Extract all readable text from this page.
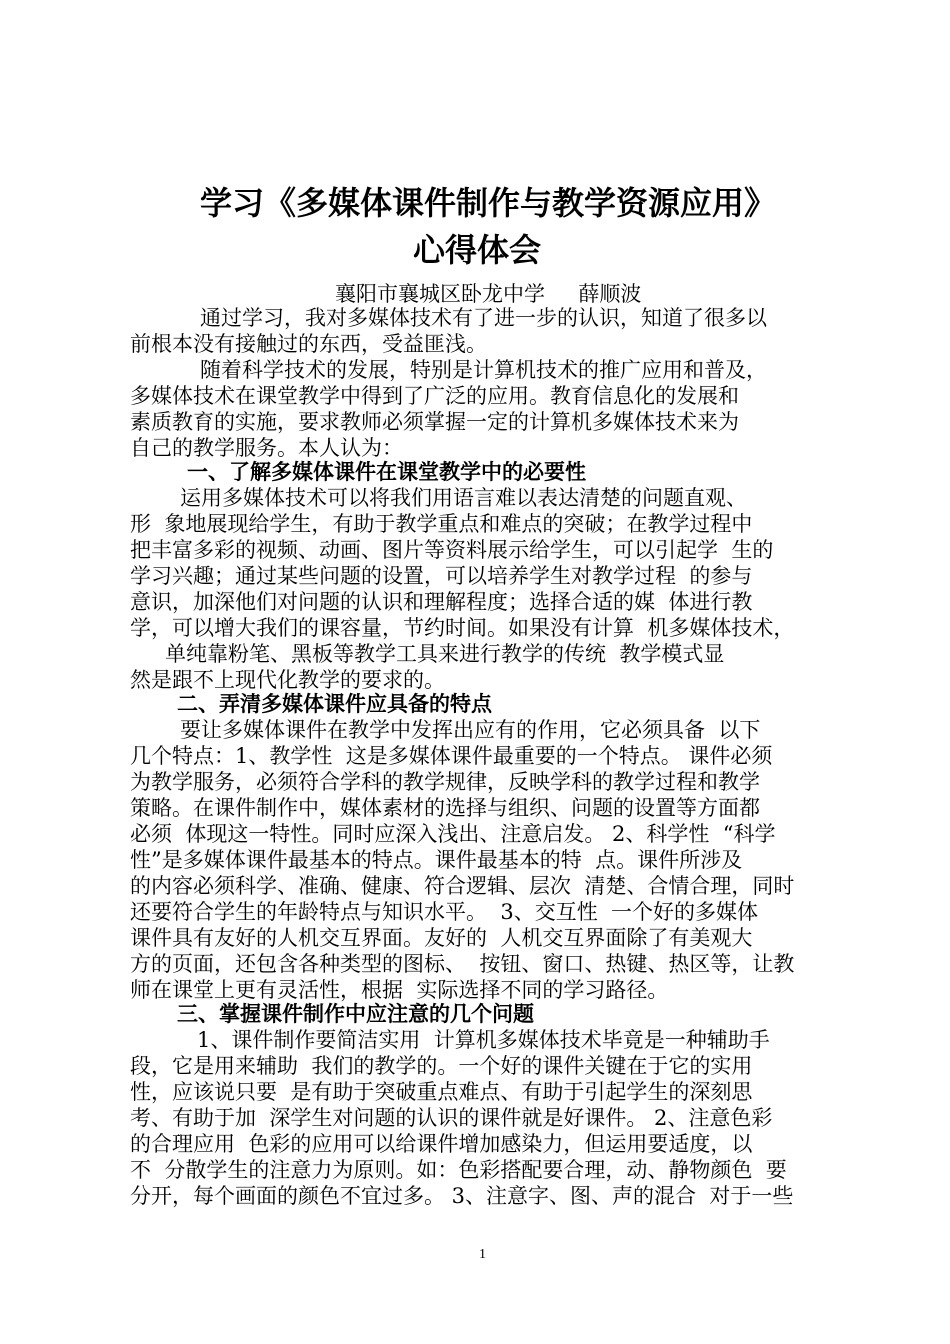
学习《多媒体课件制作与教学资源应用》
心得体会
襄阳市襄城区卧龙中学     薛顺波
通过学习，我对多媒体技术有了进一步的认识，知道了很多以
前根本没有接触过的东西，受益匪浅。
随着科学技术的发展，特别是计算机技术的推广应用和普及，
多媒体技术在课堂教学中得到了广泛的应用。教育信息化的发展和
素质教育的实施，要求教师必须掌握一定的计算机多媒体技术来为
自己的教学服务。本人认为：
一、了解多媒体课件在课堂教学中的必要性
运用多媒体技术可以将我们用语言难以表达清楚的问题直观、
形  象地展现给学生，有助于教学重点和难点的突破；在教学过程中
把丰富多彩的视频、动画、图片等资料展示给学生，可以引起学  生的
学习兴趣；通过某些问题的设置，可以培养学生对教学过程  的参与
意识，加深他们对问题的认识和理解程度；选择合适的媒  体进行教
学，可以增大我们的课容量，节约时间。如果没有计算  机多媒体技术，
单纯靠粉笔、黑板等教学工具来进行教学的传统  教学模式显
然是跟不上现代化教学的要求的。
二、弄清多媒体课件应具备的特点
要让多媒体课件在教学中发挥出应有的作用，它必须具备  以下
几个特点：1、教学性  这是多媒体课件最重要的一个特点。 课件必须
为教学服务，必须符合学科的教学规律，反映学科的教学过程和教学
策略。在课件制作中，媒体素材的选择与组织、问题的设置等方面都
必须  体现这一特性。同时应深入浅出、注意启发。 2、科学性  “科学
性”是多媒体课件最基本的特点。课件最基本的特  点。课件所涉及
的内容必须科学、准确、健康、符合逻辑、层次  清楚、合情合理，同时
还要符合学生的年龄特点与知识水平。  3、交互性  一个好的多媒体
课件具有友好的人机交互界面。友好的  人机交互界面除了有美观大
方的页面，还包含各种类型的图标、  按钮、窗口、热键、热区等，让教
师在课堂上更有灵活性，根据  实际选择不同的学习路径。
三、掌握课件制作中应注意的几个问题
1、课件制作要简洁实用  计算机多媒体技术毕竟是一种辅助手
段，它是用来辅助  我们的教学的。一个好的课件关键在于它的实用
性，应该说只要  是有助于突破重点难点、有助于引起学生的深刻思
考、有助于加  深学生对问题的认识的课件就是好课件。 2、注意色彩
的合理应用  色彩的应用可以给课件增加感染力，但运用要适度，以
不  分散学生的注意力为原则。如：色彩搭配要合理，动、静物颜色  要
分开，每个画面的颜色不宜过多。 3、注意字、图、声的混合  对于一些
1
